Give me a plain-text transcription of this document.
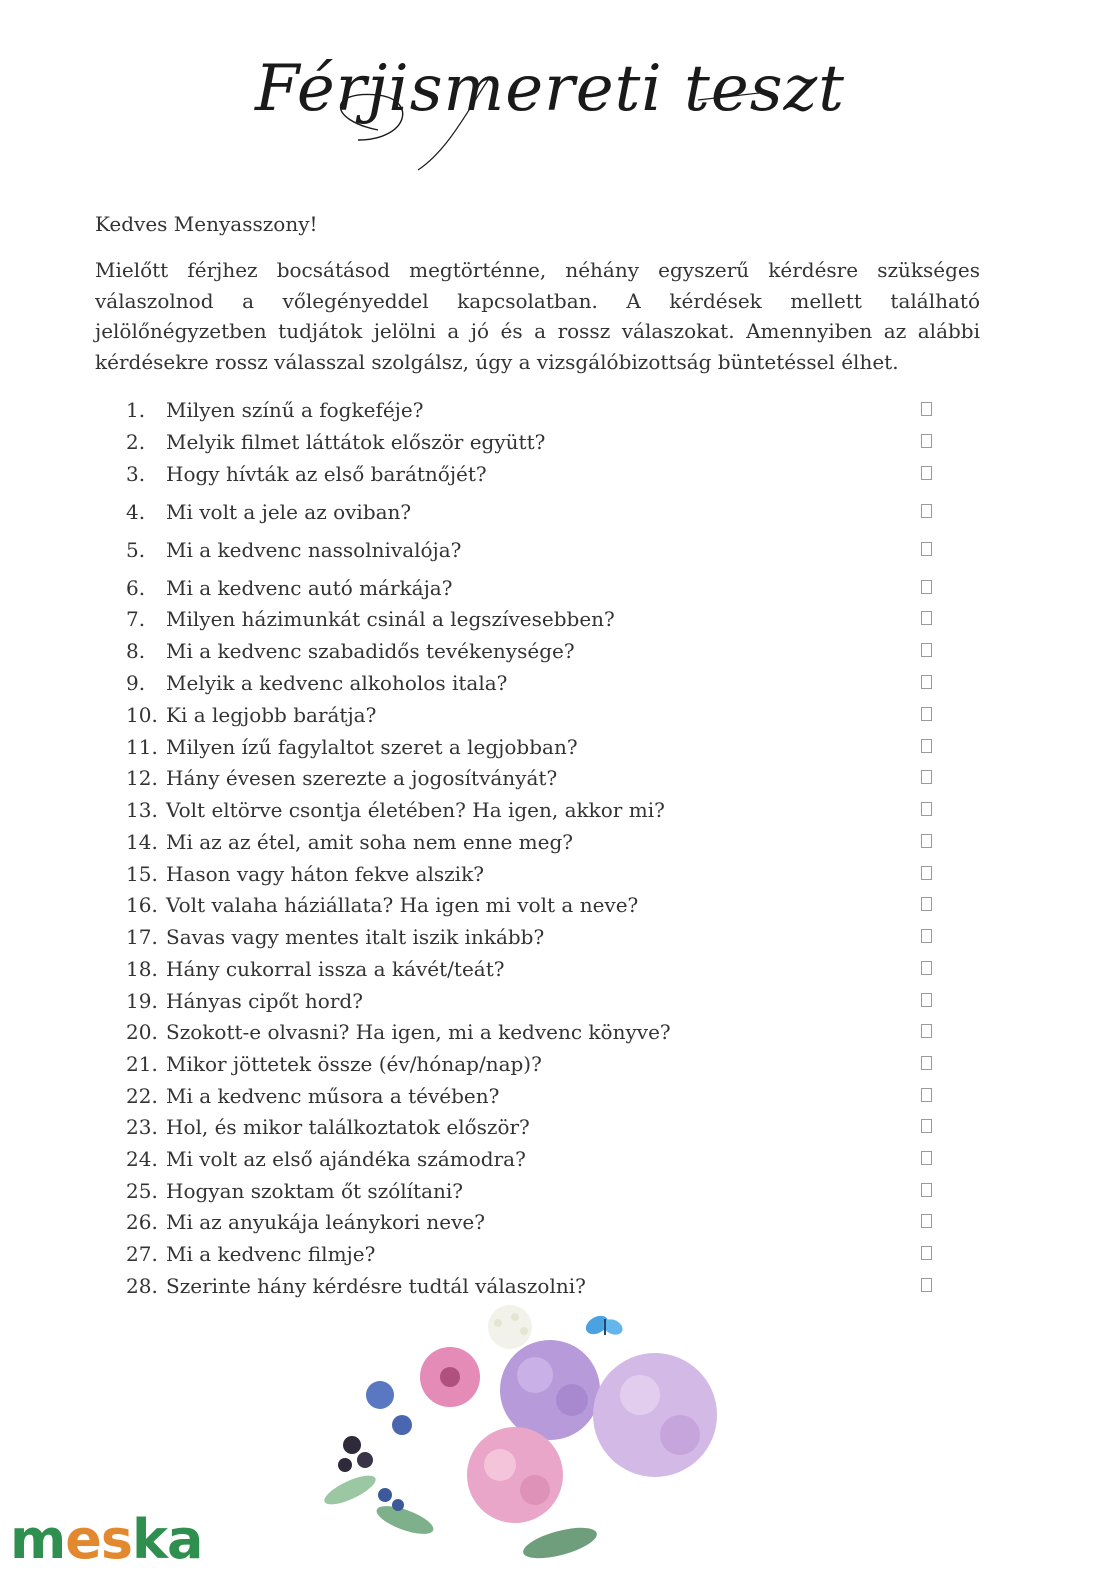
Férjismereti teszt
Kedves Menyasszony!
Mielőtt férjhez bocsátásod megtörténne, néhány egyszerű kérdésre szükséges válaszolnod a vőlegényeddel kapcsolatban. A kérdések mellett található jelölőnégyzetben tudjátok jelölni a jó és a rossz válaszokat. Amennyiben az alábbi kérdésekre rossz válasszal szolgálsz, úgy a vizsgálóbizottság büntetéssel élhet.
1.	Milyen színű a fogkeféje?
2.	Melyik filmet láttátok először együtt?
3.	Hogy hívták az első barátnőjét?
4.	Mi volt a jele az oviban?
5.	Mi a kedvenc nassolnivalója?
6.	Mi a kedvenc autó márkája?
7.	Milyen házimunkát csinál a legszívesebben?
8.	Mi a kedvenc szabadidős tevékenysége?
9.	Melyik a kedvenc alkoholos itala?
10. Ki a legjobb barátja?
11. Milyen ízű fagylaltot szeret a legjobban?
12. Hány évesen szerezte a jogosítványát?
13. Volt eltörve csontja életében? Ha igen, akkor mi?
14. Mi az az étel, amit soha nem enne meg?
15. Hason vagy háton fekve alszik?
16. Volt valaha háziállata? Ha igen mi volt a neve?
17. Savas vagy mentes italt iszik inkább?
18. Hány cukorral issza a kávét/teát?
19. Hányas cipőt hord?
20. Szokott-e olvasni? Ha igen, mi a kedvenc könyve?
21. Mikor jöttetek össze (év/hónap/nap)?
22. Mi a kedvenc műsora a tévében?
23. Hol, és mikor találkoztatok először?
24. Mi volt az első ajándéka számodra?
25. Hogyan szoktam őt szólítani?
26. Mi az anyukája leánykori neve?
27. Mi a kedvenc filmje?
28. Szerinte hány kérdésre tudtál válaszolni?
meska
